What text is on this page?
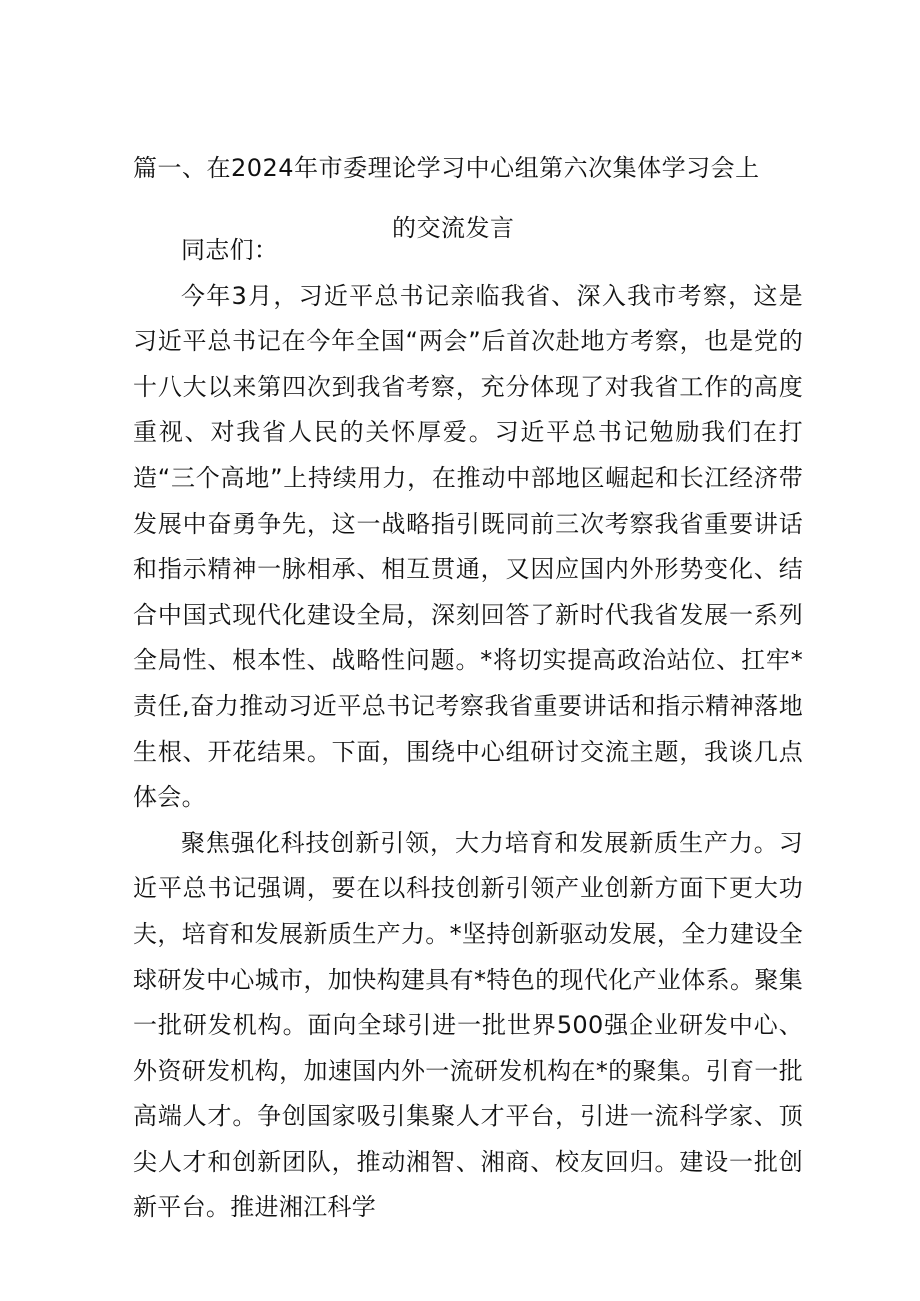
篇一、在2024年市委理论学习中心组第六次集体学习会上
的交流发言

同志们：

今年3月，习近平总书记亲临我省、深入我市考察，这是习近平总书记在今年全国“两会”后首次赴地方考察，也是党的十八大以来第四次到我省考察，充分体现了对我省工作的高度重视、对我省人民的关怀厚爱。习近平总书记勉励我们在打造“三个高地”上持续用力，在推动中部地区崛起和长江经济带发展中奋勇争先，这一战略指引既同前三次考察我省重要讲话和指示精神一脉相承、相互贯通，又因应国内外形势变化、结合中国式现代化建设全局，深刻回答了新时代我省发展一系列全局性、根本性、战略性问题。*将切实提高政治站位、扛牢*责任,奋力推动习近平总书记考察我省重要讲话和指示精神落地生根、开花结果。下面，围绕中心组研讨交流主题，我谈几点体会。

聚焦强化科技创新引领，大力培育和发展新质生产力。习近平总书记强调，要在以科技创新引领产业创新方面下更大功夫，培育和发展新质生产力。*坚持创新驱动发展，全力建设全球研发中心城市，加快构建具有*特色的现代化产业体系。聚集一批研发机构。面向全球引进一批世界500强企业研发中心、外资研发机构，加速国内外一流研发机构在*的聚集。引育一批高端人才。争创国家吸引集聚人才平台，引进一流科学家、顶尖人才和创新团队，推动湘智、湘商、校友回归。建设一批创新平台。推进湘江科学
